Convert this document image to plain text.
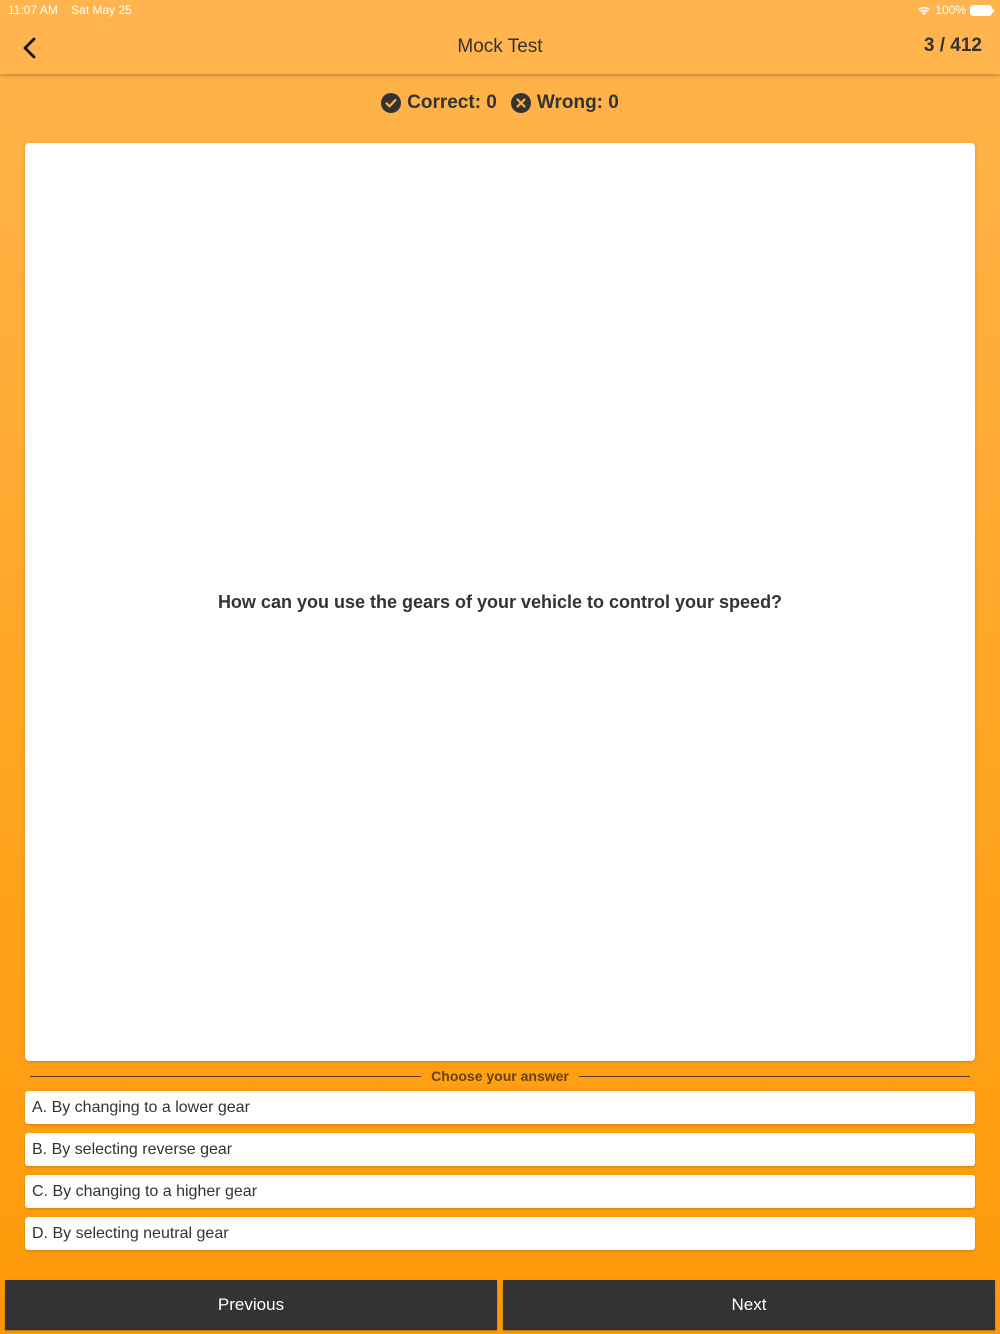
11:07 AM Sat May 25	100%
Mock Test	3 / 412
Correct: 0 Wrong: 0
How can you use the gears of your vehicle to control your speed?
Choose your answer
A. By changing to a lower gear
B. By selecting reverse gear
C. By changing to a higher gear
D. By selecting neutral gear
Previous	Next
